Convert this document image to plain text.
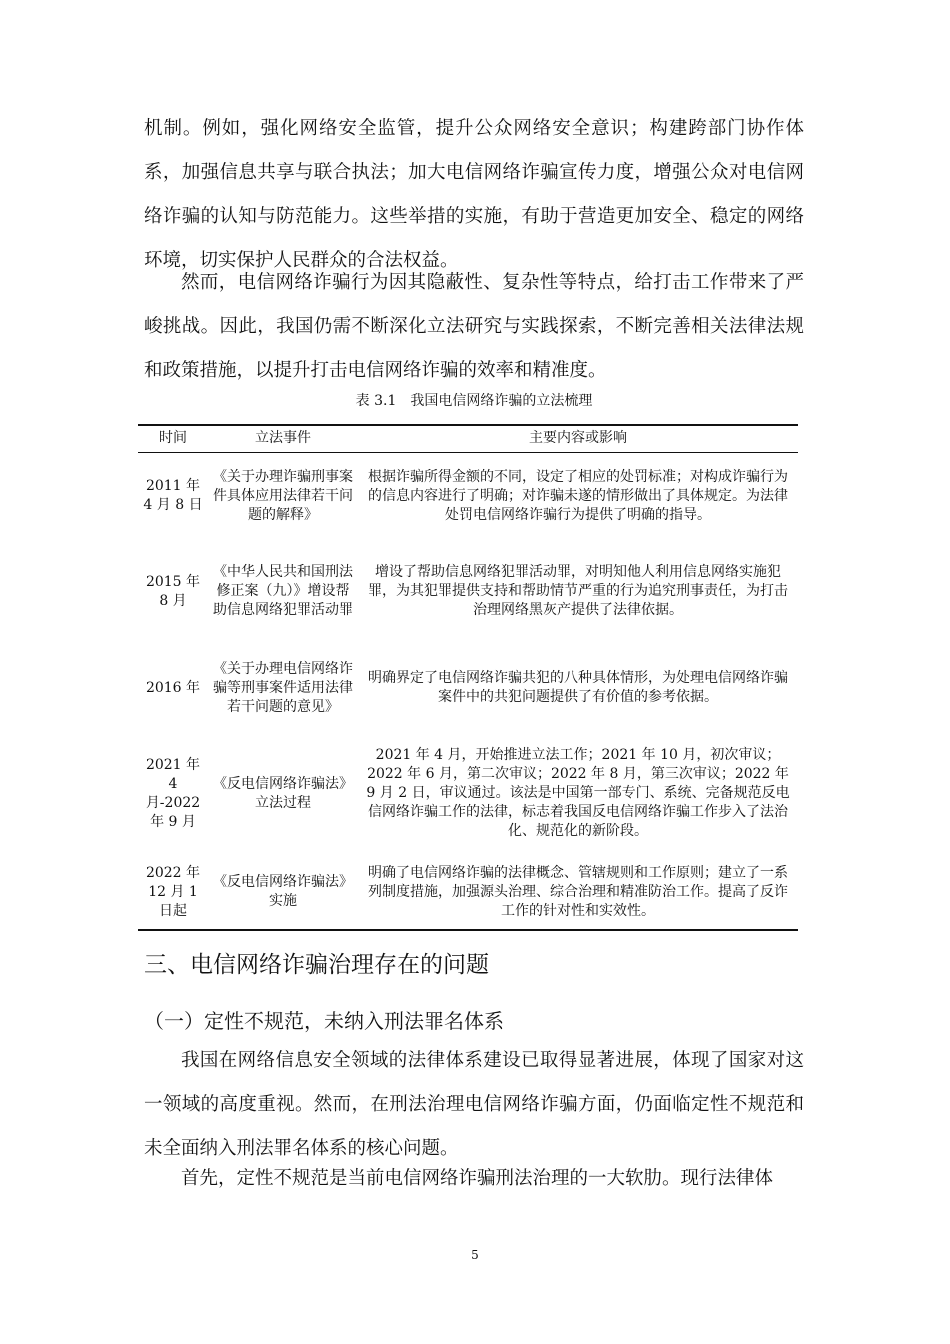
机制。例如，强化网络安全监管，提升公众网络安全意识；构建跨部门协作体系，加强信息共享与联合执法；加大电信网络诈骗宣传力度，增强公众对电信网络诈骗的认知与防范能力。这些举措的实施，有助于营造更加安全、稳定的网络环境，切实保护人民群众的合法权益。

然而，电信网络诈骗行为因其隐蔽性、复杂性等特点，给打击工作带来了严峻挑战。因此，我国仍需不断深化立法研究与实践探索，不断完善相关法律法规和政策措施，以提升打击电信网络诈骗的效率和精准度。

表 3.1　我国电信网络诈骗的立法梳理
时间	立法事件	主要内容或影响
2011 年 4 月 8 日	《关于办理诈骗刑事案件具体应用法律若干问题的解释》	根据诈骗所得金额的不同，设定了相应的处罚标准；对构成诈骗行为的信息内容进行了明确；对诈骗未遂的情形做出了具体规定。为法律处罚电信网络诈骗行为提供了明确的指导。
2015 年 8 月	《中华人民共和国刑法修正案（九）》增设帮助信息网络犯罪活动罪	增设了帮助信息网络犯罪活动罪，对明知他人利用信息网络实施犯罪，为其犯罪提供支持和帮助情节严重的行为追究刑事责任，为打击治理网络黑灰产提供了法律依据。
2016 年	《关于办理电信网络诈骗等刑事案件适用法律若干问题的意见》	明确界定了电信网络诈骗共犯的八种具体情形，为处理电信网络诈骗案件中的共犯问题提供了有价值的参考依据。
2021 年 4 月-2022 年 9 月	《反电信网络诈骗法》立法过程	2021 年 4 月，开始推进立法工作；2021 年 10 月，初次审议；2022 年 6 月，第二次审议；2022 年 8 月，第三次审议；2022 年 9 月 2 日，审议通过。该法是中国第一部专门、系统、完备规范反电信网络诈骗工作的法律，标志着我国反电信网络诈骗工作步入了法治化、规范化的新阶段。
2022 年 12 月 1 日起	《反电信网络诈骗法》实施	明确了电信网络诈骗的法律概念、管辖规则和工作原则；建立了一系列制度措施，加强源头治理、综合治理和精准防治工作。提高了反诈工作的针对性和实效性。
三、电信网络诈骗治理存在的问题
（一）定性不规范，未纳入刑法罪名体系

我国在网络信息安全领域的法律体系建设已取得显著进展，体现了国家对这一领域的高度重视。然而，在刑法治理电信网络诈骗方面，仍面临定性不规范和未全面纳入刑法罪名体系的核心问题。

首先，定性不规范是当前电信网络诈骗刑法治理的一大软肋。现行法律体

5
